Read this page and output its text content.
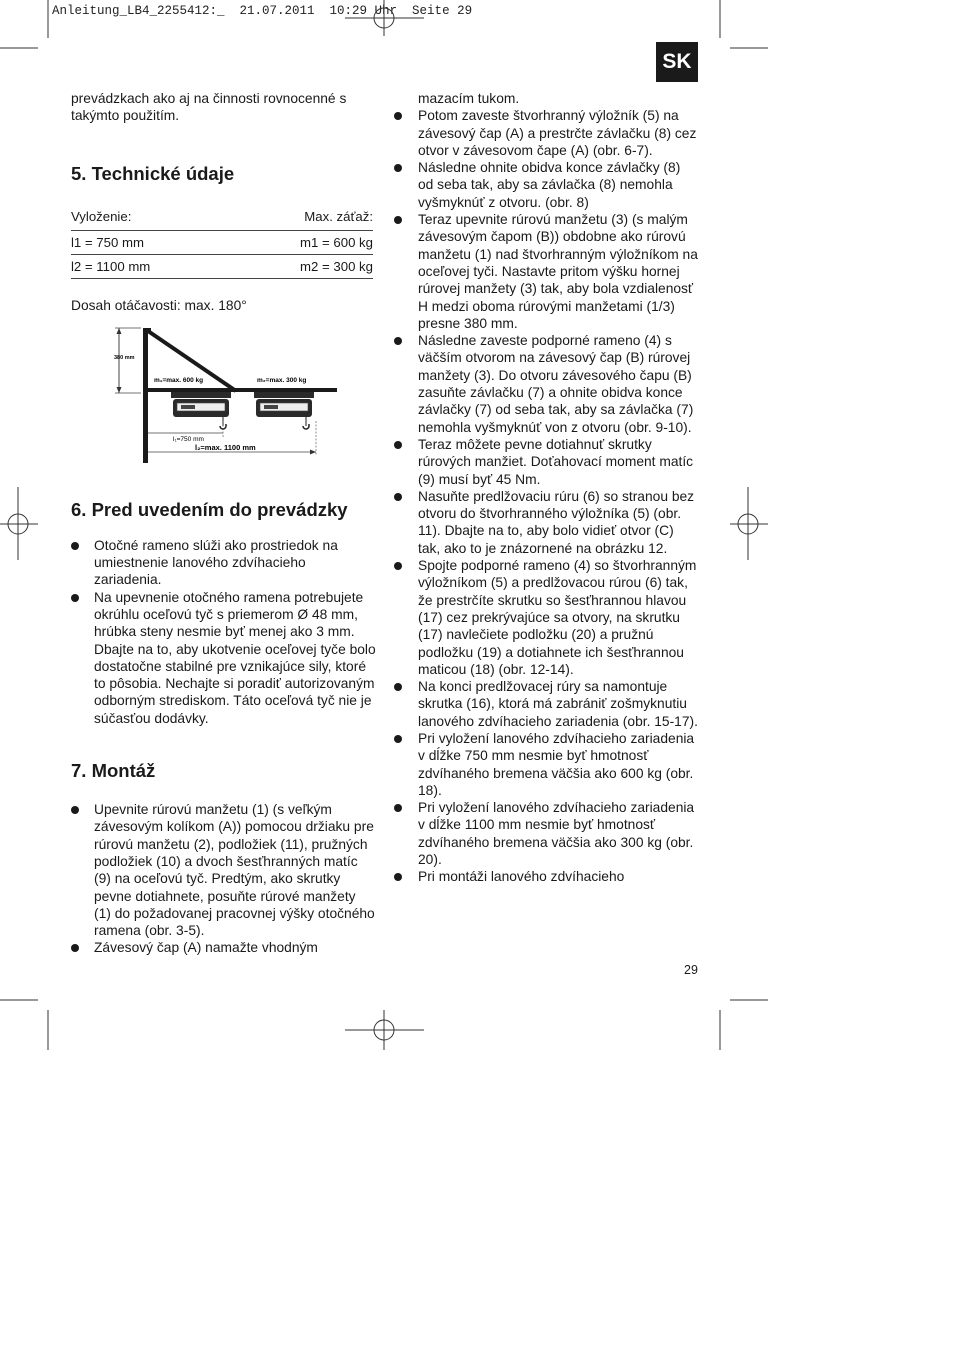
Anleitung_LB4_2255412:_  21.07.2011  10:29 Uhr  Seite 29
SK

prevádzkach ako aj na činnosti rovnocenné s takýmto použitím.

5. Technické údaje
Vyloženie:	Max. záťaž:
l1 = 750 mm	m1 = 600 kg
l2 = 1100 mm	m2 = 300 kg

Dosah otáčavosti: max. 180°

380 mm
m₁=max. 600 kg	m₂=max. 300 kg
l₁=750 mm
l₂=max. 1100 mm
6. Pred uvedením do prevádzky
Otočné rameno slúži ako prostriedok na umiestnenie lanového zdvíhacieho zariadenia.
Na upevnenie otočného ramena potrebujete okrúhlu oceľovú tyč s priemerom Ø 48 mm, hrúbka steny nesmie byť menej ako 3 mm. Dbajte na to, aby ukotvenie oceľovej tyče bolo dostatočne stabilné pre vznikajúce sily, ktoré to pôsobia. Nechajte si poradiť autorizovaným odborným strediskom. Táto oceľová tyč nie je súčasťou dodávky.
7. Montáž
Upevnite rúrovú manžetu (1) (s veľkým závesovým kolíkom (A)) pomocou držiaku pre rúrovú manžetu (2), podložiek (11), pružných podložiek (10) a dvoch šesťhranných matíc (9) na oceľovú tyč. Predtým, ako skrutky pevne dotiahnete, posuňte rúrové manžety (1) do požadovanej pracovnej výšky otočného ramena (obr. 3-5).
Závesový čap (A) namažte vhodným

mazacím tukom.

Potom zaveste štvorhranný výložník (5) na závesový čap (A) a prestrčte závlačku (8) cez otvor v závesovom čape (A) (obr. 6-7).
Následne ohnite obidva konce závlačky (8) od seba tak, aby sa závlačka (8) nemohla vyšmyknúť z otvoru. (obr. 8)
Teraz upevnite rúrovú manžetu (3) (s malým závesovým čapom (B)) obdobne ako rúrovú manžetu (1) nad štvorhranným výložníkom na oceľovej tyči. Nastavte pritom výšku hornej rúrovej manžety (3) tak, aby bola vzdialenosť H medzi oboma rúrovými manžetami (1/3) presne 380 mm.
Následne zaveste podporné rameno (4) s väčším otvorom na závesový čap (B) rúrovej manžety (3). Do otvoru závesového čapu (B) zasuňte závlačku (7) a ohnite obidva konce závlačky (7) od seba tak, aby sa závlačka (7) nemohla vyšmyknúť von z otvoru (obr. 9-10).
Teraz môžete pevne dotiahnuť skrutky rúrových manžiet. Doťahovací moment matíc (9) musí byť 45 Nm.
Nasuňte predlžovaciu rúru (6) so stranou bez otvoru do štvorhranného výložníka (5) (obr. 11). Dbajte na to, aby bolo vidieť otvor (C) tak, ako to je znázornené na obrázku 12.
Spojte podporné rameno (4) so štvorhranným výložníkom (5) a predlžovacou rúrou (6) tak, že prestrčíte skrutku so šesťhrannou hlavou (17) cez prekrývajúce sa otvory, na skrutku (17) navlečiete podložku (20) a pružnú podložku (19) a dotiahnete ich šesťhrannou maticou (18) (obr. 12-14).
Na konci predlžovacej rúry sa namontuje skrutka (16), ktorá má zabrániť zošmyknutiu lanového zdvíhacieho zariadenia (obr. 15-17).
Pri vyložení lanového zdvíhacieho zariadenia v dĺžke 750 mm nesmie byť hmotnosť zdvíhaného bremena väčšia ako 600 kg (obr. 18).
Pri vyložení lanového zdvíhacieho zariadenia v dĺžke 1100 mm nesmie byť hmotnosť zdvíhaného bremena väčšia ako 300 kg (obr. 20).
Pri montáži lanového zdvíhacieho
29
